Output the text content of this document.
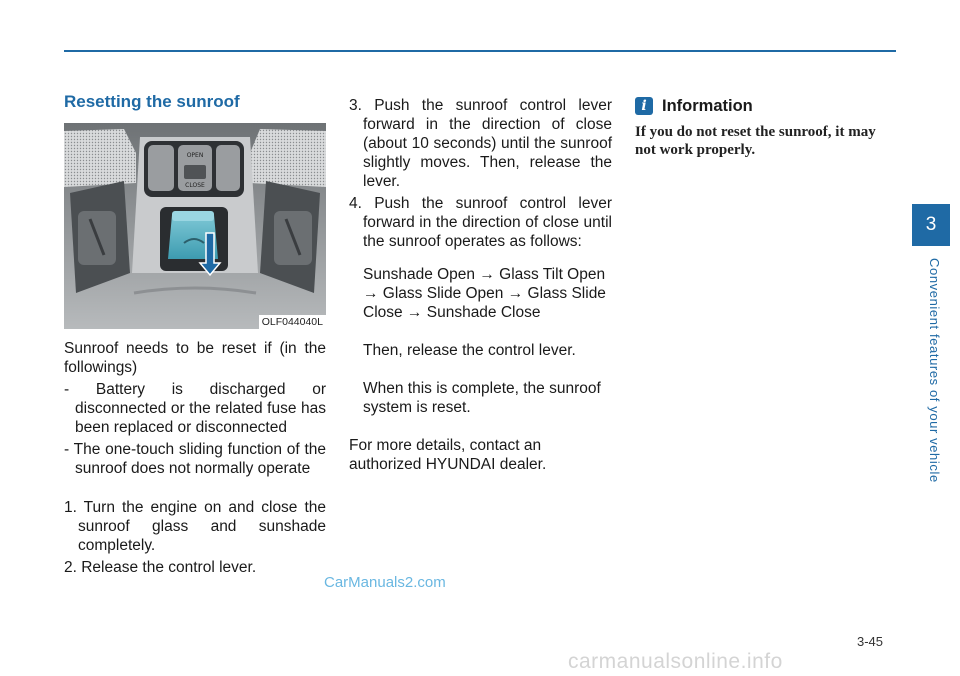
Resetting the sunroof
OPEN
CLOSE
OLF044040L

Sunroof needs to be reset if (in the followings)

- Battery is discharged or disconnected or the related fuse has been replaced or disconnected

- The one-touch sliding function of the sunroof does not normally operate

1. Turn the engine on and close the sunroof glass and sunshade completely.

2. Release the control lever.

3. Push the sunroof control lever forward in the direction of close (about 10 seconds) until the sunroof slightly moves. Then, release the lever.

4. Push the sunroof control lever forward in the direction of close until the sunroof operates as follows:

Sunshade Open → Glass Tilt Open → Glass Slide Open → Glass Slide Close → Sunshade Close

Then, release the control lever.

When this is complete, the sunroof system is reset.

For more details, contact an authorized HYUNDAI dealer.

i Information

If you do not reset the sunroof, it may not work properly.

3
Convenient features of your vehicle
3-45
CarManuals2.com
carmanualsonline.info
